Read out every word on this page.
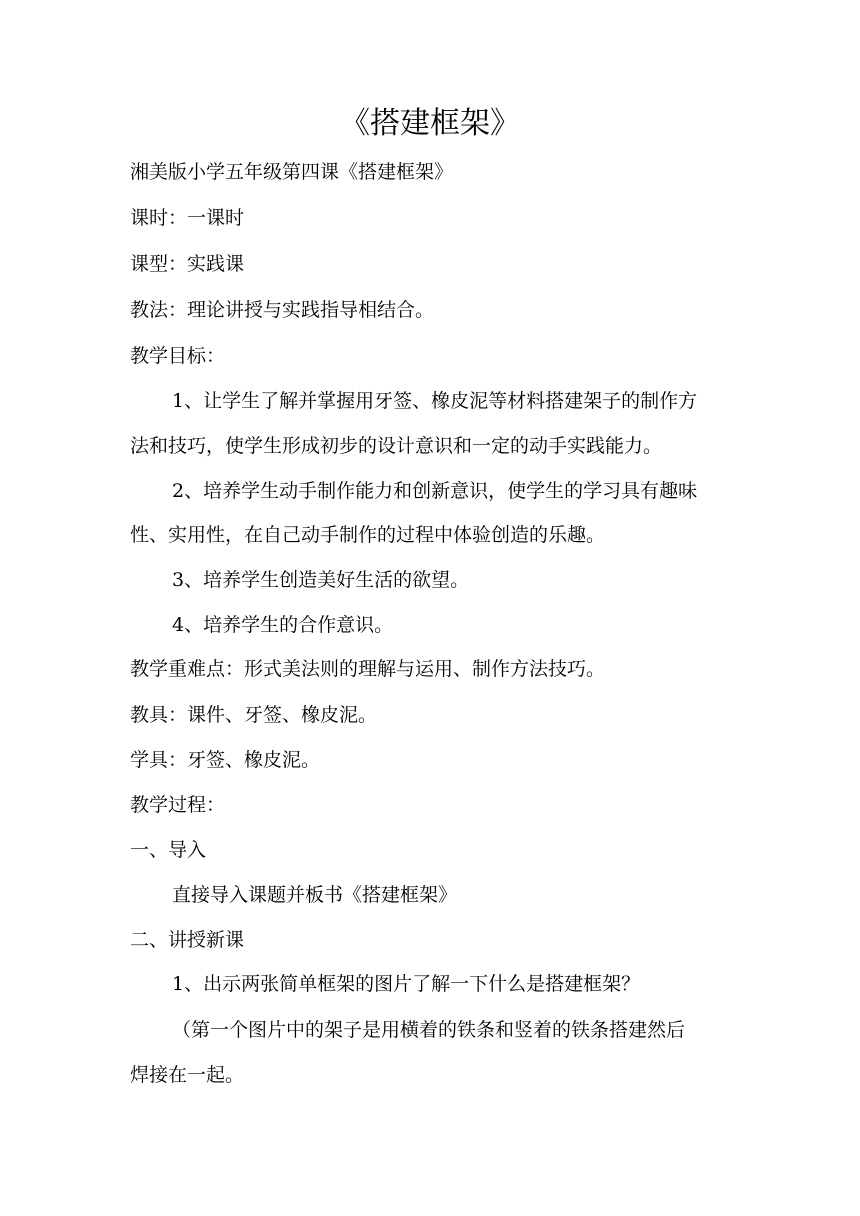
《搭建框架》
湘美版小学五年级第四课《搭建框架》
课时：一课时
课型：实践课
教法：理论讲授与实践指导相结合。
教学目标：
1、让学生了解并掌握用牙签、橡皮泥等材料搭建架子的制作方
法和技巧，使学生形成初步的设计意识和一定的动手实践能力。
2、培养学生动手制作能力和创新意识，使学生的学习具有趣味
性、实用性，在自己动手制作的过程中体验创造的乐趣。
3、培养学生创造美好生活的欲望。
4、培养学生的合作意识。
教学重难点：形式美法则的理解与运用、制作方法技巧。
教具：课件、牙签、橡皮泥。
学具：牙签、橡皮泥。
教学过程：
一、导入
直接导入课题并板书《搭建框架》
二、讲授新课
1、出示两张简单框架的图片了解一下什么是搭建框架？
（第一个图片中的架子是用横着的铁条和竖着的铁条搭建然后
焊接在一起。
